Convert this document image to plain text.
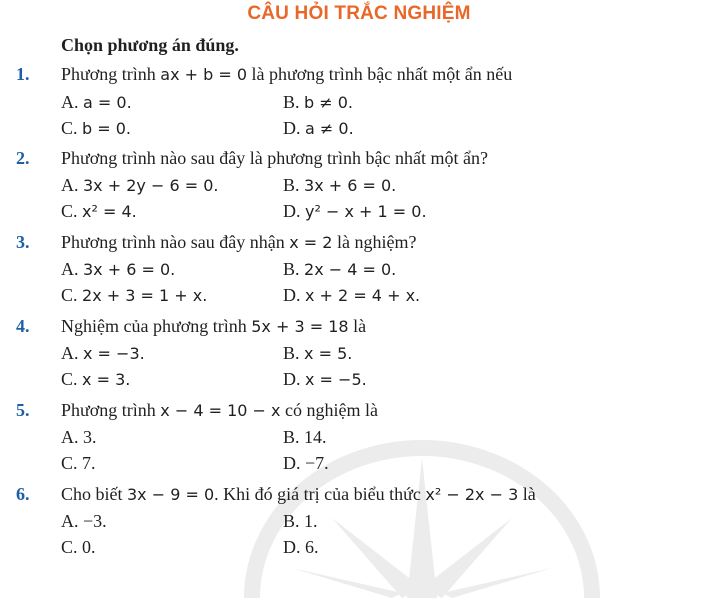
CÂU HỎI TRẮC NGHIỆM
Chọn phương án đúng.
1. Phương trình ax + b = 0 là phương trình bậc nhất một ẩn nếu
A. a = 0.	B. b ≠ 0.
C. b = 0.	D. a ≠ 0.
2. Phương trình nào sau đây là phương trình bậc nhất một ẩn?
A. 3x + 2y − 6 = 0.	B. 3x + 6 = 0.
C. x² = 4.	D. y² − x + 1 = 0.
3. Phương trình nào sau đây nhận x = 2 là nghiệm?
A. 3x + 6 = 0.	B. 2x − 4 = 0.
C. 2x + 3 = 1 + x.	D. x + 2 = 4 + x.
4. Nghiệm của phương trình 5x + 3 = 18 là
A. x = −3.	B. x = 5.
C. x = 3.	D. x = −5.
5. Phương trình x − 4 = 10 − x có nghiệm là
A. 3.	B. 14.
C. 7.	D. −7.
6. Cho biết 3x − 9 = 0. Khi đó giá trị của biểu thức x² − 2x − 3 là
A. −3.	B. 1.
C. 0.	D. 6.
